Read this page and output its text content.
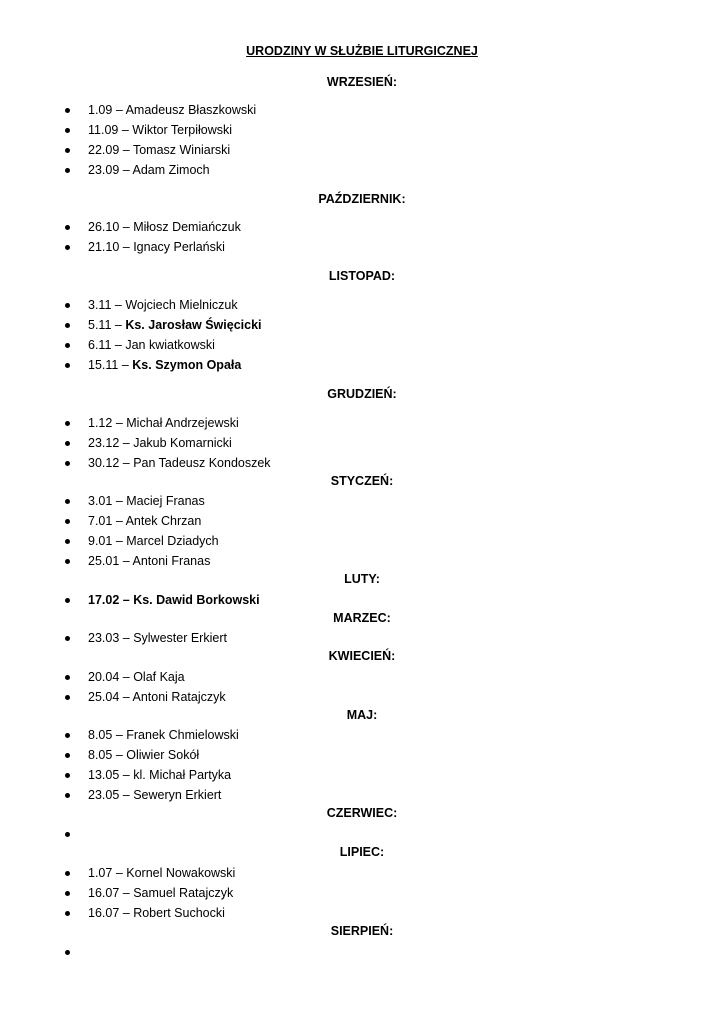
URODZINY W SŁUŻBIE LITURGICZNEJ
WRZESIEŃ:
1.09 – Amadeusz Błaszkowski
11.09 – Wiktor Terpiłowski
22.09 – Tomasz Winiarski
23.09 – Adam Zimoch
PAŹDZIERNIK:
26.10 – Miłosz Demiańczuk
21.10 – Ignacy Perlański
LISTOPAD:
3.11 – Wojciech Mielniczuk
5.11 – Ks. Jarosław Święcicki
6.11 – Jan kwiatkowski
15.11 – Ks. Szymon Opała
GRUDZIEŃ:
1.12 – Michał Andrzejewski
23.12 – Jakub Komarnicki
30.12 – Pan Tadeusz Kondoszek
STYCZEŃ:
3.01 – Maciej Franas
7.01 – Antek Chrzan
9.01 – Marcel Dziadych
25.01 – Antoni Franas
LUTY:
17.02 – Ks. Dawid Borkowski
MARZEC:
23.03 – Sylwester Erkiert
KWIECIEŃ:
20.04 – Olaf Kaja
25.04 – Antoni Ratajczyk
MAJ:
8.05 – Franek Chmielowski
8.05 – Oliwier Sokół
13.05 – kl. Michał Partyka
23.05 – Seweryn Erkiert
CZERWIEC:
LIPIEC:
1.07 – Kornel Nowakowski
16.07 – Samuel Ratajczyk
16.07 – Robert Suchocki
SIERPIEŃ:
